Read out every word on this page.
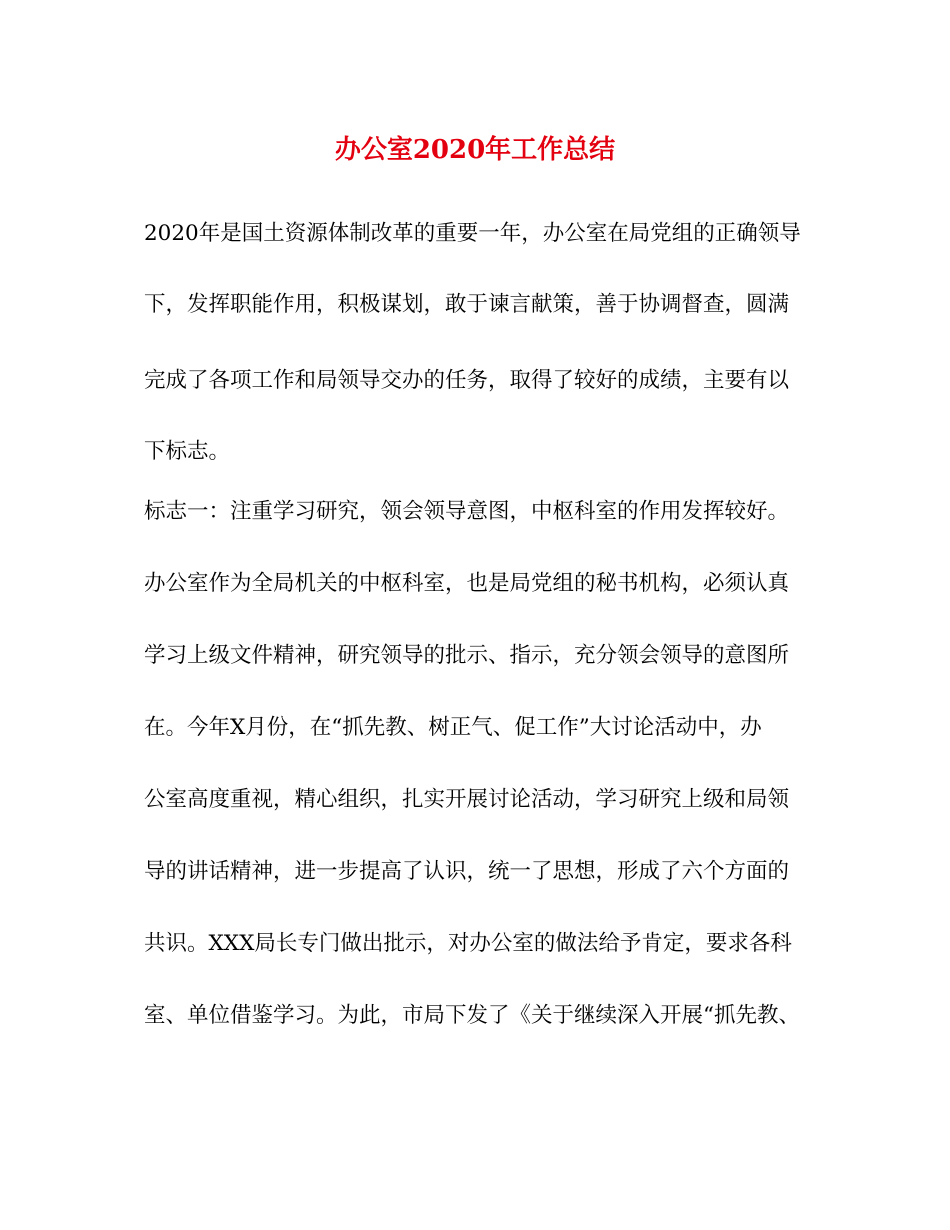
办公室2020年工作总结
2020年是国土资源体制改革的重要一年，办公室在局党组的正确领导
下，发挥职能作用，积极谋划，敢于谏言献策，善于协调督查，圆满
完成了各项工作和局领导交办的任务，取得了较好的成绩，主要有以
下标志。
标志一：注重学习研究，领会领导意图，中枢科室的作用发挥较好。
办公室作为全局机关的中枢科室，也是局党组的秘书机构，必须认真
学习上级文件精神，研究领导的批示、指示，充分领会领导的意图所
在。今年X月份，在“抓先教、树正气、促工作”大讨论活动中，办
公室高度重视，精心组织，扎实开展讨论活动，学习研究上级和局领
导的讲话精神，进一步提高了认识，统一了思想，形成了六个方面的
共识。XXX局长专门做出批示，对办公室的做法给予肯定，要求各科
室、单位借鉴学习。为此，市局下发了《关于继续深入开展“抓先教、
